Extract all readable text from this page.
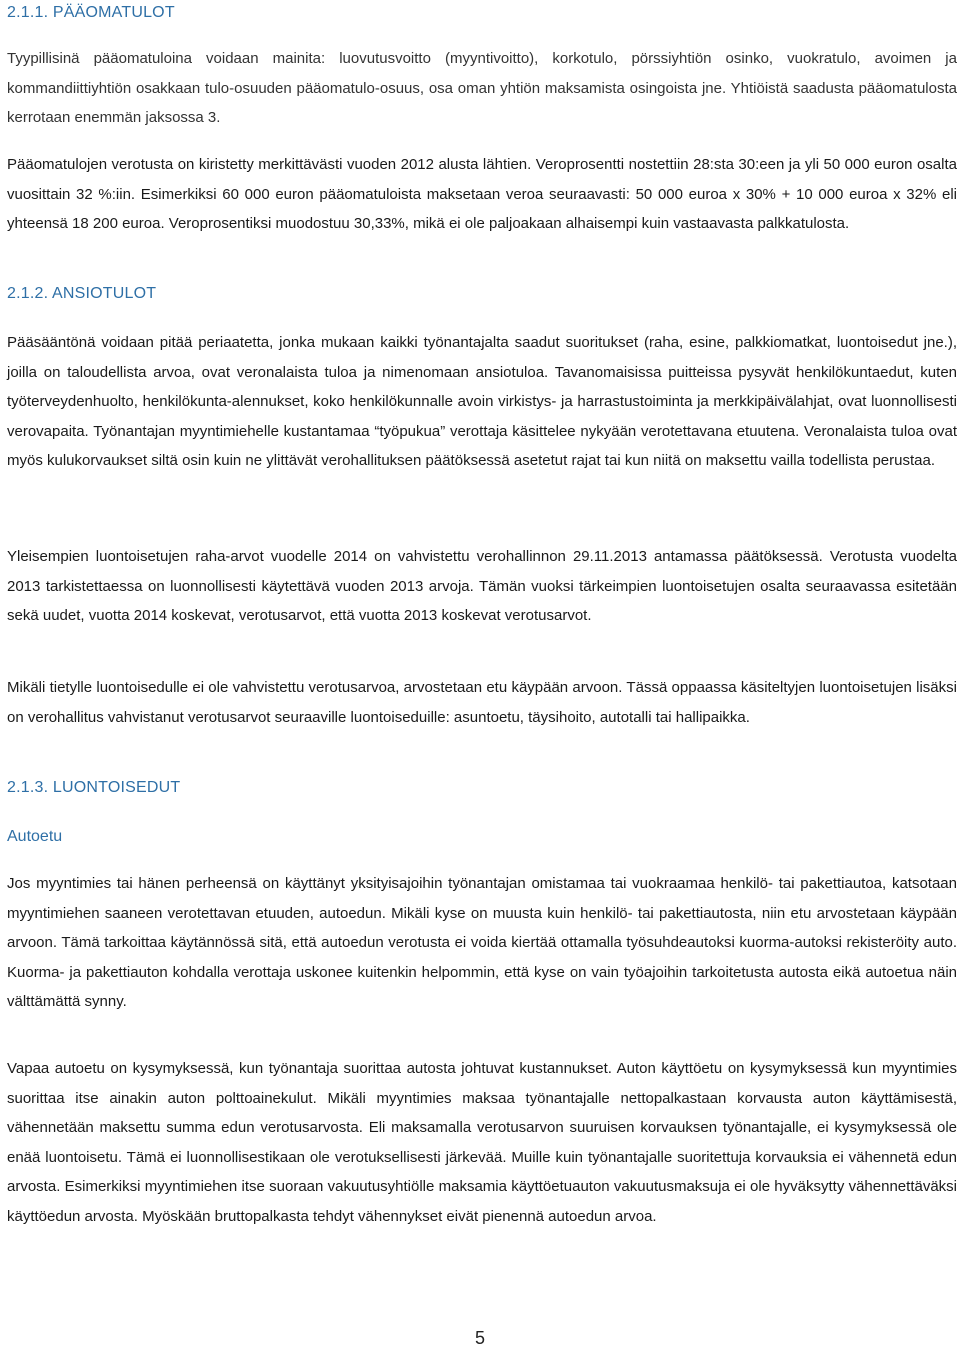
2.1.1. PÄÄOMATULOT

Tyypillisinä pääomatuloina voidaan mainita: luovutusvoitto (myyntivoitto), korkotulo, pörssiyhtiön osinko, vuokratulo, avoimen ja kommandiittiyhtiön osakkaan tulo-osuuden pääomatulo-osuus, osa oman yhtiön maksamista osingoista jne. Yhtiöistä saadusta pääomatulosta kerrotaan enemmän jaksossa 3.

Pääomatulojen verotusta on kiristetty merkittävästi vuoden 2012 alusta lähtien. Veroprosentti nostettiin 28:sta 30:een ja yli 50 000 euron osalta vuosittain 32 %:iin. Esimerkiksi 60 000 euron pääomatuloista maksetaan veroa seuraavasti: 50 000 euroa x 30% + 10 000 euroa x 32% eli yhteensä 18 200 euroa. Veroprosentiksi muodostuu 30,33%, mikä ei ole paljoakaan alhaisempi kuin vastaavasta palkkatulosta.

2.1.2. ANSIOTULOT

Pääsääntönä voidaan pitää periaatetta, jonka mukaan kaikki työnantajalta saadut suoritukset (raha, esine, palkkiomatkat, luontoisedut jne.), joilla on taloudellista arvoa, ovat veronalaista tuloa ja nimenomaan ansiotuloa. Tavanomaisissa puitteissa pysyvät henkilökuntaedut, kuten työterveydenhuolto, henkilökunta-alennukset, koko henkilökunnalle avoin virkistys- ja harrastustoiminta ja merkkipäivälahjat, ovat luonnollisesti verovapaita. Työnantajan myyntimiehelle kustantamaa “työpukua” verottaja käsittelee nykyään verotettavana etuutena. Veronalaista tuloa ovat myös kulukorvaukset siltä osin kuin ne ylittävät verohallituksen päätöksessä asetetut rajat tai kun niitä on maksettu vailla todellista perustaa.

Yleisempien luontoisetujen raha-arvot vuodelle 2014 on vahvistettu verohallinnon 29.11.2013 antamassa päätöksessä. Verotusta vuodelta 2013 tarkistettaessa on luonnollisesti käytettävä vuoden 2013 arvoja. Tämän vuoksi tärkeimpien luontoisetujen osalta seuraavassa esitetään sekä uudet, vuotta 2014 koskevat, verotusarvot, että vuotta 2013 koskevat verotusarvot.

Mikäli tietylle luontoisedulle ei ole vahvistettu verotusarvoa, arvostetaan etu käypään arvoon. Tässä oppaassa käsiteltyjen luontoisetujen lisäksi on verohallitus vahvistanut verotusarvot seuraaville luontoiseduille: asuntoetu, täysihoito, autotalli tai hallipaikka.

2.1.3. LUONTOISEDUT
Autoetu

Jos myyntimies tai hänen perheensä on käyttänyt yksityisajoihin työnantajan omistamaa tai vuokraamaa henkilö- tai pakettiautoa, katsotaan myyntimiehen saaneen verotettavan etuuden, autoedun. Mikäli kyse on muusta kuin henkilö- tai pakettiautosta, niin etu arvostetaan käypään arvoon. Tämä tarkoittaa käytännössä sitä, että autoedun verotusta ei voida kiertää ottamalla työsuhdeautoksi kuorma-autoksi rekisteröity auto. Kuorma- ja pakettiauton kohdalla verottaja uskonee kuitenkin helpommin, että kyse on vain työajoihin tarkoitetusta autosta eikä autoetua näin välttämättä synny.

Vapaa autoetu on kysymyksessä, kun työnantaja suorittaa autosta johtuvat kustannukset. Auton käyttöetu on kysymyksessä kun myyntimies suorittaa itse ainakin auton polttoainekulut. Mikäli myyntimies maksaa työnantajalle nettopalkastaan korvausta auton käyttämisestä, vähennetään maksettu summa edun verotusarvosta. Eli maksamalla verotusarvon suuruisen korvauksen työnantajalle, ei kysymyksessä ole enää luontoisetu. Tämä ei luonnollisestikaan ole verotuksellisesti järkevää. Muille kuin työnantajalle suoritettuja korvauksia ei vähennetä edun arvosta. Esimerkiksi myyntimiehen itse suoraan vakuutusyhtiölle maksamia käyttöetuauton vakuutusmaksuja ei ole hyväksytty vähennettäväksi käyttöedun arvosta. Myöskään bruttopalkasta tehdyt vähennykset eivät pienennä autoedun arvoa.

5
